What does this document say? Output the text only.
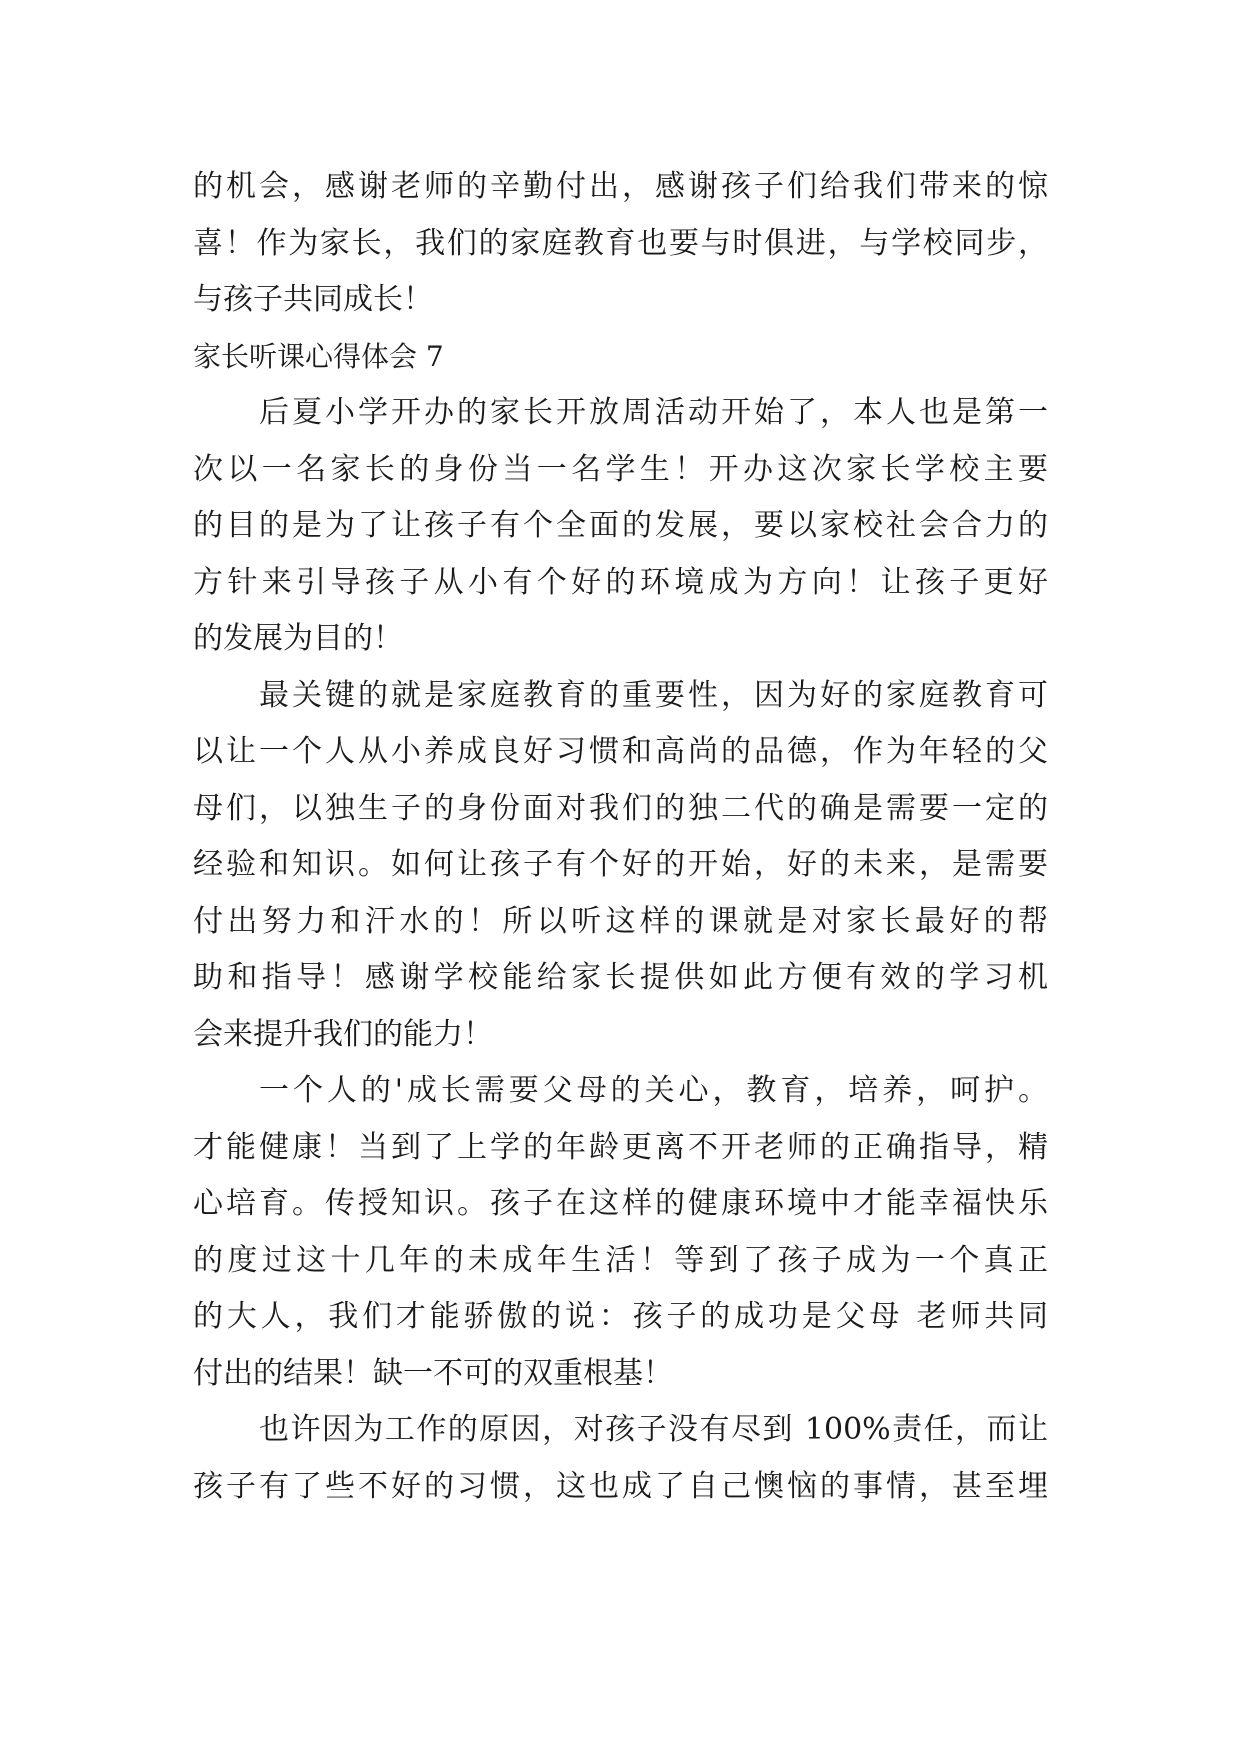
的机会，感谢老师的辛勤付出，感谢孩子们给我们带来的惊
喜！作为家长，我们的家庭教育也要与时俱进，与学校同步，
与孩子共同成长！
家长听课心得体会 7
后夏小学开办的家长开放周活动开始了，本人也是第一
次以一名家长的身份当一名学生！开办这次家长学校主要
的目的是为了让孩子有个全面的发展，要以家校社会合力的
方针来引导孩子从小有个好的环境成为方向！让孩子更好
的发展为目的！
最关键的就是家庭教育的重要性，因为好的家庭教育可
以让一个人从小养成良好习惯和高尚的品德，作为年轻的父
母们，以独生子的身份面对我们的独二代的确是需要一定的
经验和知识。如何让孩子有个好的开始，好的未来，是需要
付出努力和汗水的！所以听这样的课就是对家长最好的帮
助和指导！感谢学校能给家长提供如此方便有效的学习机
会来提升我们的能力！
一个人的'成长需要父母的关心，教育，培养，呵护。
才能健康！当到了上学的年龄更离不开老师的正确指导，精
心培育。传授知识。孩子在这样的健康环境中才能幸福快乐
的度过这十几年的未成年生活！等到了孩子成为一个真正
的大人，我们才能骄傲的说：孩子的成功是父母 老师共同
付出的结果！缺一不可的双重根基！
也许因为工作的原因，对孩子没有尽到 100%责任，而让
孩子有了些不好的习惯，这也成了自己懊恼的事情，甚至埋
